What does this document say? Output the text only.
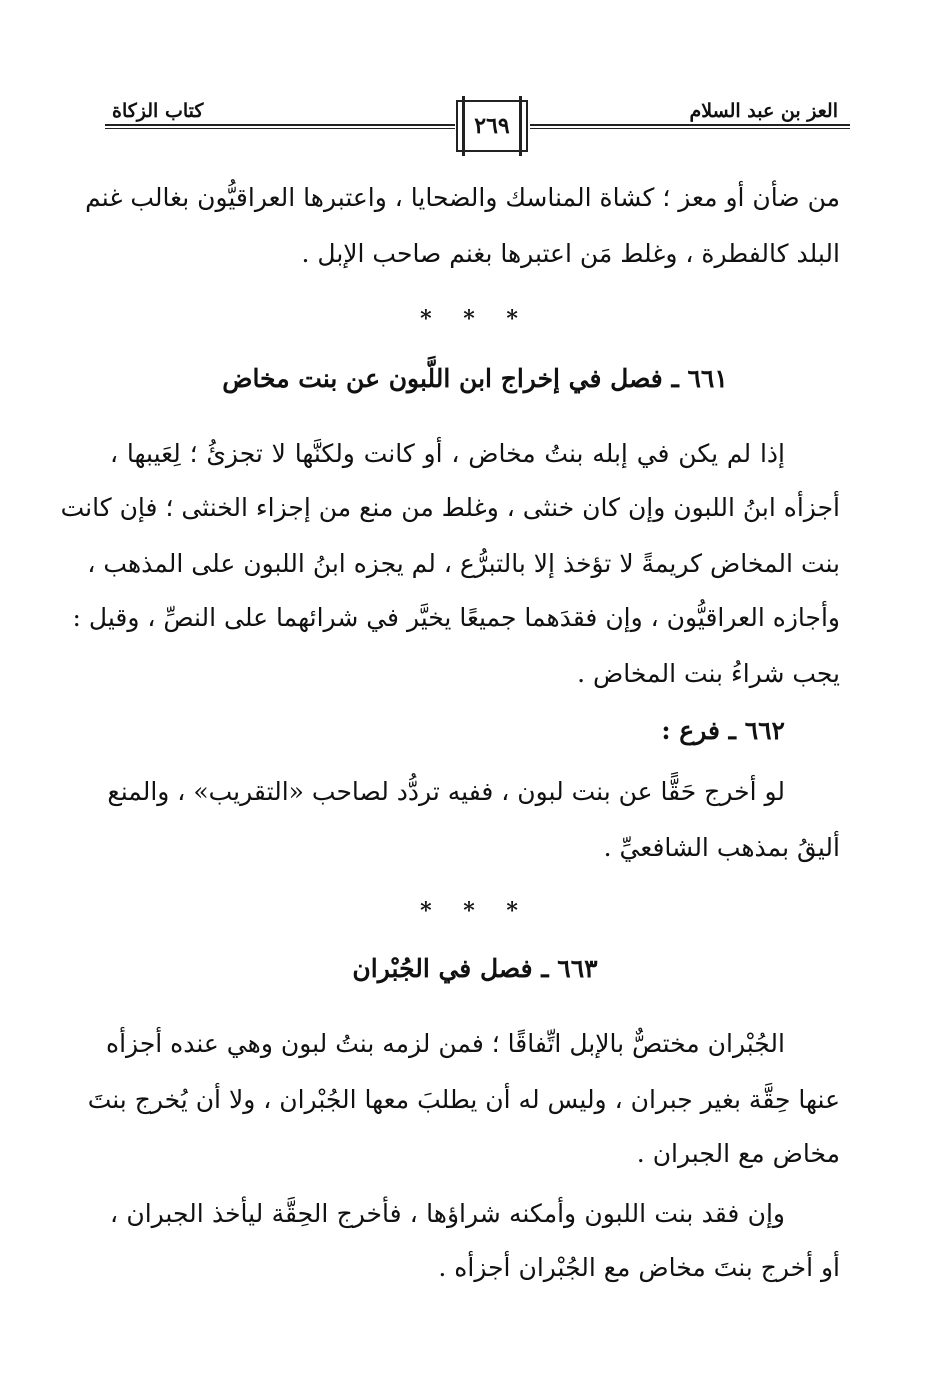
العز بن عبد السلام
كتاب الزكاة
٢٦٩
من ضأن أو معز ؛ كشاة المناسك والضحايا ، واعتبرها العراقيُّون بغالب غنم
البلد كالفطرة ، وغلط مَن اعتبرها بغنم صاحب الإبل .
* * *
٦٦١ ـ فصل في إخراج ابن اللَّبون عن بنت مخاض
إذا لم يكن في إبله بنتُ مخاض ، أو كانت ولكنَّها لا تجزئُ ؛ لِعَيبها ،
أجزأه ابنُ اللبون وإن كان خنثى ، وغلط من منع من إجزاء الخنثى ؛ فإن كانت
بنت المخاض كريمةً لا تؤخذ إلا بالتبرُّع ، لم يجزه ابنُ اللبون على المذهب ،
وأجازه العراقيُّون ، وإن فقدَهما جميعًا يخيَّر في شرائهما على النصِّ ، وقيل :
يجب شراءُ بنت المخاض .
٦٦٢ ـ فرع :
لو أخرج حَقًّا عن بنت لبون ، ففيه تردُّد لصاحب «التقريب» ، والمنع
أليقُ بمذهب الشافعيِّ .
* * *
٦٦٣ ـ فصل في الجُبْران
الجُبْران مختصٌّ بالإبل اتِّفاقًا ؛ فمن لزمه بنتُ لبون وهي عنده أجزأه
عنها حِقَّة بغير جبران ، وليس له أن يطلبَ معها الجُبْران ، ولا أن يُخرج بنتَ
مخاض مع الجبران .
وإن فقد بنت اللبون وأمكنه شراؤها ، فأخرج الحِقَّة ليأخذ الجبران ،
أو أخرج بنتَ مخاض مع الجُبْران أجزأه .
